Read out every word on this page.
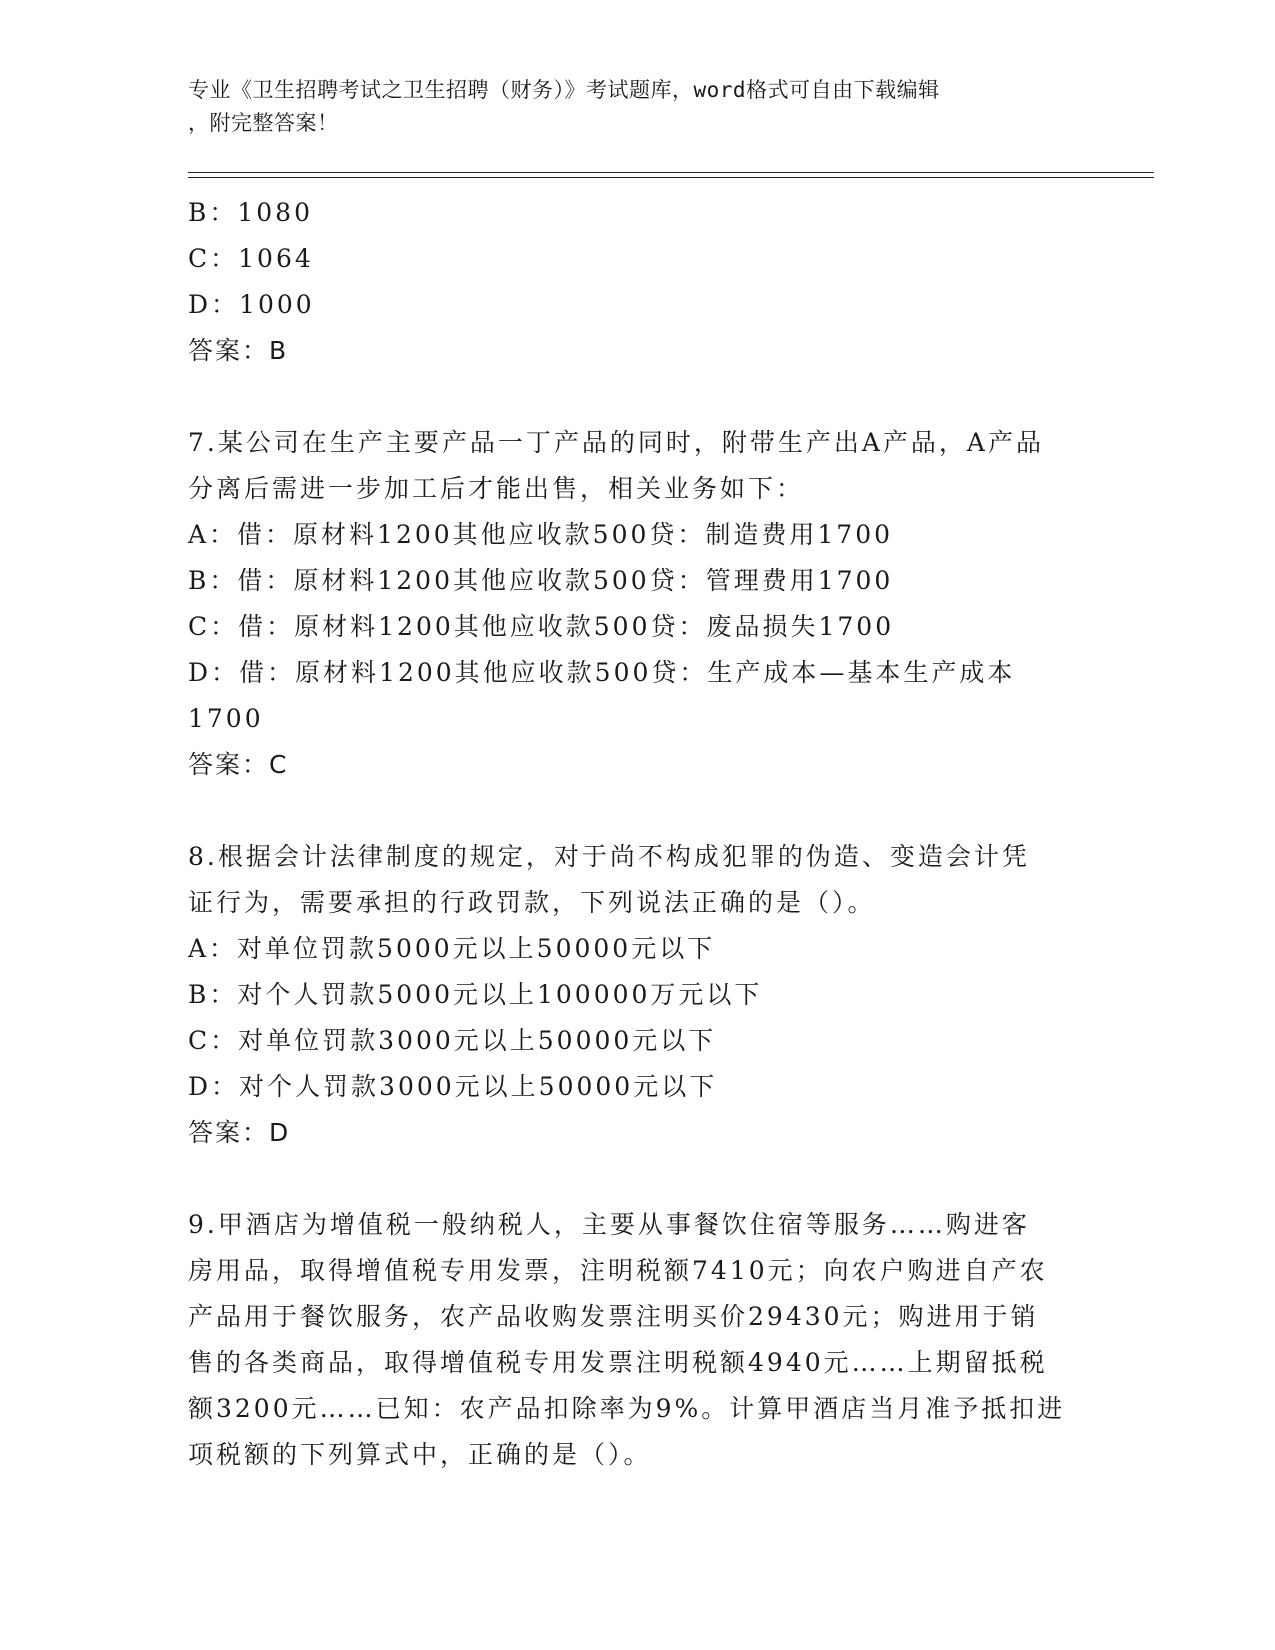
专业《卫生招聘考试之卫生招聘（财务）》考试题库，word格式可自由下载编辑
，附完整答案！
B：1080
C：1064
D：1000
答案：B
7.某公司在生产主要产品一丁产品的同时，附带生产出A产品，A产品
分离后需进一步加工后才能出售，相关业务如下：
A：借：原材料1200其他应收款500贷：制造费用1700
B：借：原材料1200其他应收款500贷：管理费用1700
C：借：原材料1200其他应收款500贷：废品损失1700
D：借：原材料1200其他应收款500贷：生产成本—基本生产成本
1700
答案：C
8.根据会计法律制度的规定，对于尚不构成犯罪的伪造、变造会计凭
证行为，需要承担的行政罚款，下列说法正确的是（）。
A：对单位罚款5000元以上50000元以下
B：对个人罚款5000元以上100000万元以下
C：对单位罚款3000元以上50000元以下
D：对个人罚款3000元以上50000元以下
答案：D
9.甲酒店为增值税一般纳税人，主要从事餐饮住宿等服务……购进客
房用品，取得增值税专用发票，注明税额7410元；向农户购进自产农
产品用于餐饮服务，农产品收购发票注明买价29430元；购进用于销
售的各类商品，取得增值税专用发票注明税额4940元……上期留抵税
额3200元……已知：农产品扣除率为9%。计算甲酒店当月准予抵扣进
项税额的下列算式中，正确的是（）。
